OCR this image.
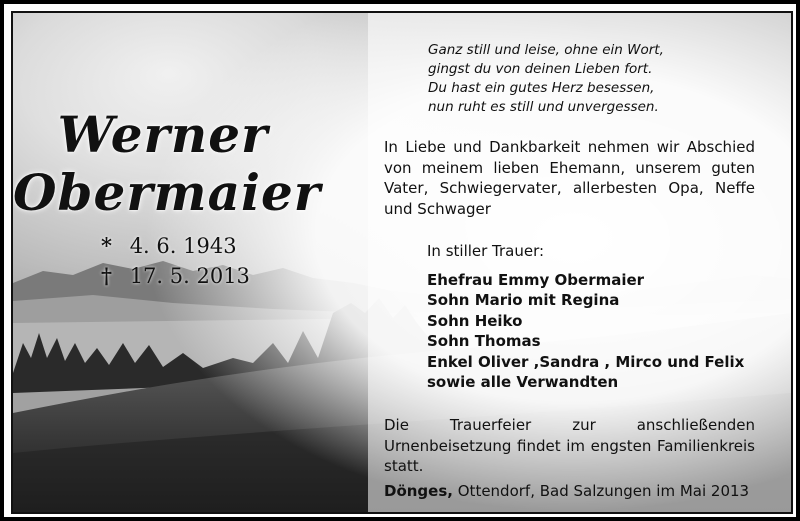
Werner
Obermaier
* 4. 6. 1943
† 17. 5. 2013
Ganz still und leise, ohne ein Wort,
gingst du von deinen Lieben fort.
Du hast ein gutes Herz besessen,
nun ruht es still und unvergessen.
In Liebe und Dankbarkeit nehmen wir Abschied von meinem lieben Ehemann, unserem guten Vater, Schwiegervater, allerbesten Opa, Neffe und Schwager
In stiller Trauer:
Ehefrau Emmy Obermaier
Sohn Mario mit Regina
Sohn Heiko
Sohn Thomas
Enkel Oliver ,Sandra , Mirco und Felix
sowie alle Verwandten
Die Trauerfeier zur anschließenden Urnenbeisetzung findet im engsten Familienkreis statt.
Dönges, Ottendorf, Bad Salzungen im Mai 2013
